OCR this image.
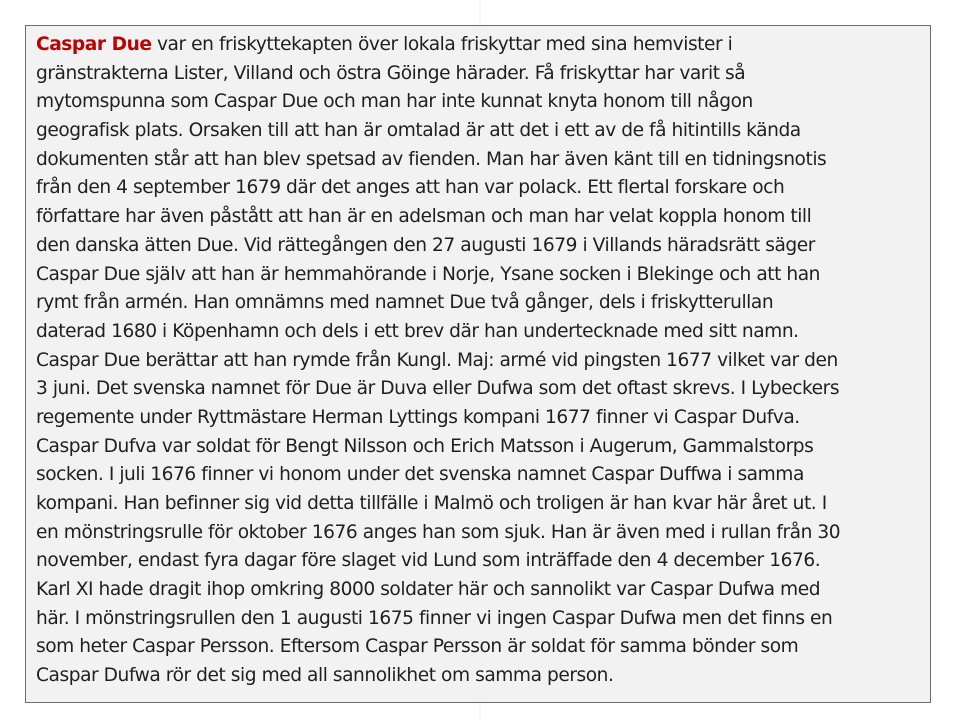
Caspar Due var en friskyttekapten över lokala friskyttar med sina hemvister i
gränstrakterna Lister, Villand och östra Göinge härader. Få friskyttar har varit så
mytomspunna som Caspar Due och man har inte kunnat knyta honom till någon
geografisk plats. Orsaken till att han är omtalad är att det i ett av de få hitintills kända
dokumenten står att han blev spetsad av fienden. Man har även känt till en tidningsnotis
från den 4 september 1679 där det anges att han var polack. Ett flertal forskare och
författare har även påstått att han är en adelsman och man har velat koppla honom till
den danska ätten Due. Vid rättegången den 27 augusti 1679 i Villands häradsrätt säger
Caspar Due själv att han är hemmahörande i Norje, Ysane socken i Blekinge och att han
rymt från armén. Han omnämns med namnet Due två gånger, dels i friskytterullan
daterad 1680 i Köpenhamn och dels i ett brev där han undertecknade med sitt namn.
Caspar Due berättar att han rymde från Kungl. Maj: armé vid pingsten 1677 vilket var den
3 juni. Det svenska namnet för Due är Duva eller Dufwa som det oftast skrevs. I Lybeckers
regemente under Ryttmästare Herman Lyttings kompani 1677 finner vi Caspar Dufva.
Caspar Dufva var soldat för Bengt Nilsson och Erich Matsson i Augerum, Gammalstorps
socken. I juli 1676 finner vi honom under det svenska namnet Caspar Duffwa i samma
kompani. Han befinner sig vid detta tillfälle i Malmö och troligen är han kvar här året ut. I
en mönstringsrulle för oktober 1676 anges han som sjuk. Han är även med i rullan från 30
november, endast fyra dagar före slaget vid Lund som inträffade den 4 december 1676.
Karl XI hade dragit ihop omkring 8000 soldater här och sannolikt var Caspar Dufwa med
här. I mönstringsrullen den 1 augusti 1675 finner vi ingen Caspar Dufwa men det finns en
som heter Caspar Persson. Eftersom Caspar Persson är soldat för samma bönder som
Caspar Dufwa rör det sig med all sannolikhet om samma person.
